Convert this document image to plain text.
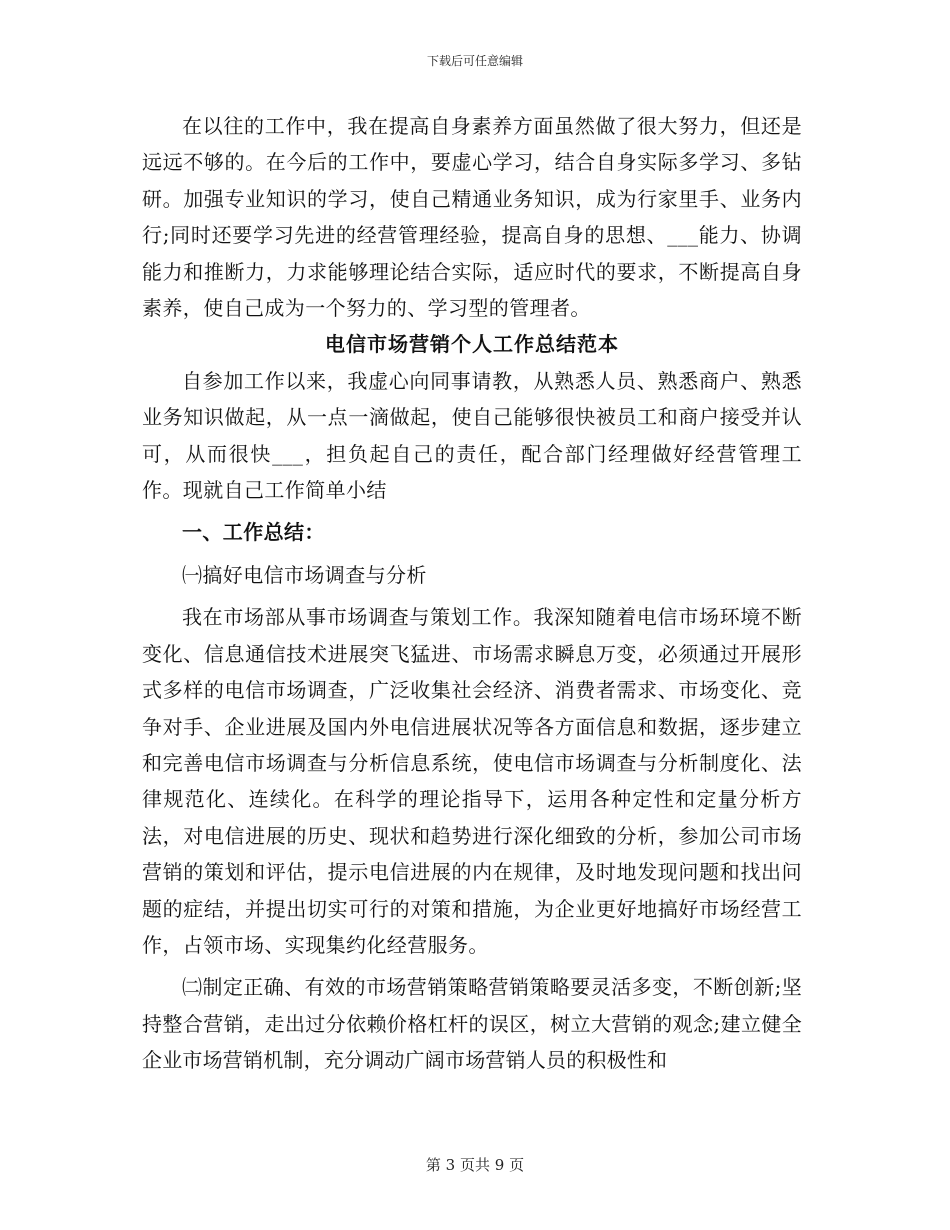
下载后可任意编辑

在以往的工作中，我在提高自身素养方面虽然做了很大努力，但还是远远不够的。在今后的工作中，要虚心学习，结合自身实际多学习、多钻研。加强专业知识的学习，使自己精通业务知识，成为行家里手、业务内行;同时还要学习先进的经营管理经验，提高自身的思想、___能力、协调能力和推断力，力求能够理论结合实际，适应时代的要求，不断提高自身素养，使自己成为一个努力的、学习型的管理者。

电信市场营销个人工作总结范本

自参加工作以来，我虚心向同事请教，从熟悉人员、熟悉商户、熟悉业务知识做起，从一点一滴做起，使自己能够很快被员工和商户接受并认可，从而很快___，担负起自己的责任，配合部门经理做好经营管理工作。现就自己工作简单小结

一、工作总结：

㈠搞好电信市场调查与分析

我在市场部从事市场调查与策划工作。我深知随着电信市场环境不断变化、信息通信技术进展突飞猛进、市场需求瞬息万变，必须通过开展形式多样的电信市场调查，广泛收集社会经济、消费者需求、市场变化、竞争对手、企业进展及国内外电信进展状况等各方面信息和数据，逐步建立和完善电信市场调查与分析信息系统，使电信市场调查与分析制度化、法律规范化、连续化。在科学的理论指导下，运用各种定性和定量分析方法，对电信进展的历史、现状和趋势进行深化细致的分析，参加公司市场营销的策划和评估，提示电信进展的内在规律，及时地发现问题和找出问题的症结，并提出切实可行的对策和措施，为企业更好地搞好市场经营工作，占领市场、实现集约化经营服务。

㈡制定正确、有效的市场营销策略营销策略要灵活多变，不断创新;坚持整合营销，走出过分依赖价格杠杆的误区，树立大营销的观念;建立健全企业市场营销机制，充分调动广阔市场营销人员的积极性和

第 3 页共 9 页
